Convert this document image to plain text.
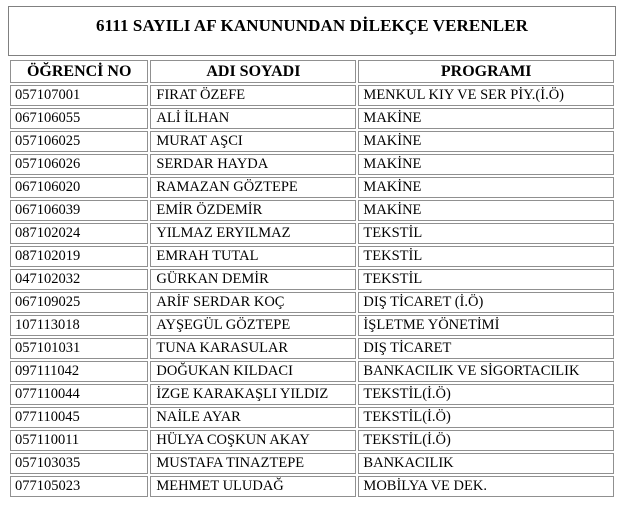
6111 SAYILI AF KANUNUNDAN DİLEKÇE VERENLER
ÖĞRENCİ NO	ADI SOYADI	PROGRAMI
057107001	FIRAT ÖZEFE	MENKUL KIY VE SER PİY.(İ.Ö)
067106055	ALİ İLHAN	MAKİNE
057106025	MURAT AŞCI	MAKİNE
057106026	SERDAR HAYDA	MAKİNE
067106020	RAMAZAN GÖZTEPE	MAKİNE
067106039	EMİR ÖZDEMİR	MAKİNE
087102024	YILMAZ ERYILMAZ	TEKSTİL
087102019	EMRAH TUTAL	TEKSTİL
047102032	GÜRKAN DEMİR	TEKSTİL
067109025	ARİF SERDAR KOÇ	DIŞ TİCARET (İ.Ö)
107113018	AYŞEGÜL GÖZTEPE	İŞLETME YÖNETİMİ
057101031	TUNA KARASULAR	DIŞ TİCARET
097111042	DOĞUKAN KILDACI	BANKACILIK VE SİGORTACILIK
077110044	İZGE KARAKAŞLI YILDIZ	TEKSTİL(İ.Ö)
077110045	NAİLE AYAR	TEKSTİL(İ.Ö)
057110011	HÜLYA COŞKUN AKAY	TEKSTİL(İ.Ö)
057103035	MUSTAFA TINAZTEPE	BANKACILIK
077105023	MEHMET ULUDAĞ	MOBİLYA VE DEK.
